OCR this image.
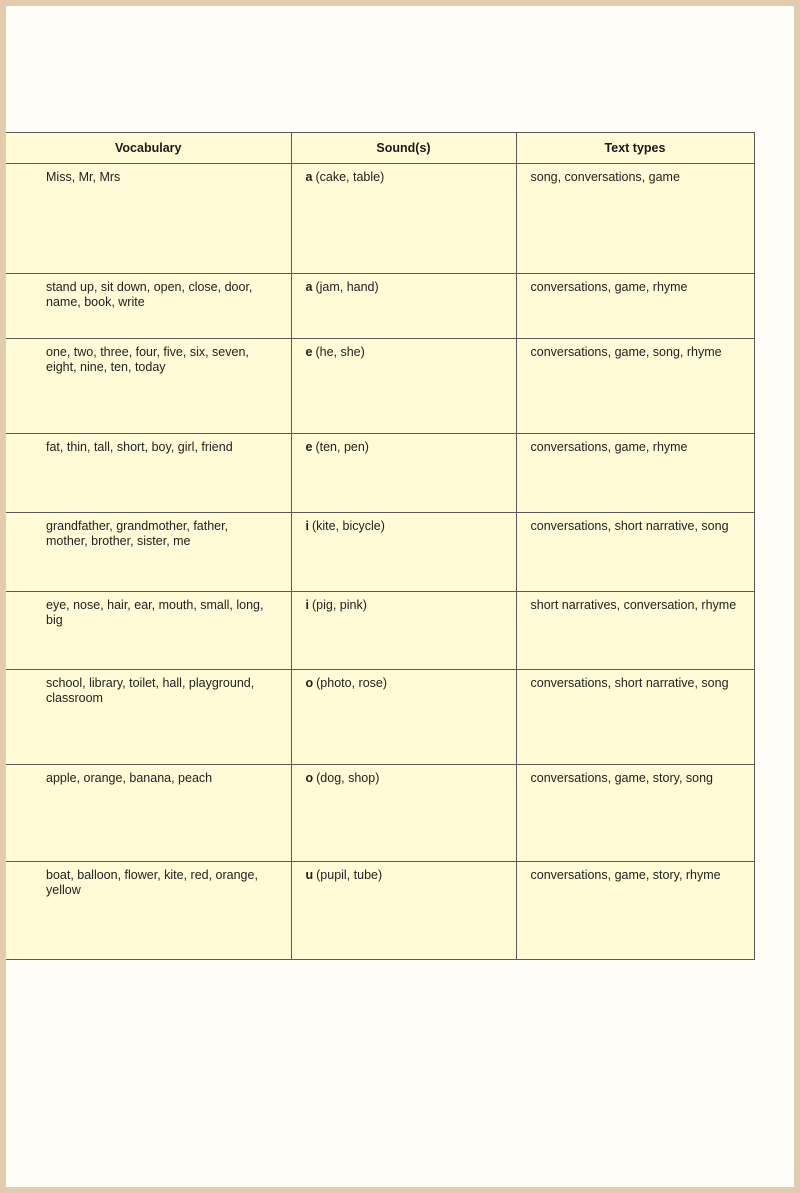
Vocabulary	Sound(s)	Text types
Miss, Mr, Mrs	a (cake, table)	song, conversations, game
stand up, sit down, open, close, door, name, book, write	a (jam, hand)	conversations, game, rhyme
one, two, three, four, five, six, seven, eight, nine, ten, today	e (he, she)	conversations, game, song, rhyme
fat, thin, tall, short, boy, girl, friend	e (ten, pen)	conversations, game, rhyme
grandfather, grandmother, father, mother, brother, sister, me	i (kite, bicycle)	conversations, short narrative, song
eye, nose, hair, ear, mouth, small, long, big	i (pig, pink)	short narratives, conversation, rhyme
school, library, toilet, hall, playground, classroom	o (photo, rose)	conversations, short narrative, song
apple, orange, banana, peach	o (dog, shop)	conversations, game, story, song
boat, balloon, flower, kite, red, orange, yellow	u (pupil, tube)	conversations, game, story, rhyme
